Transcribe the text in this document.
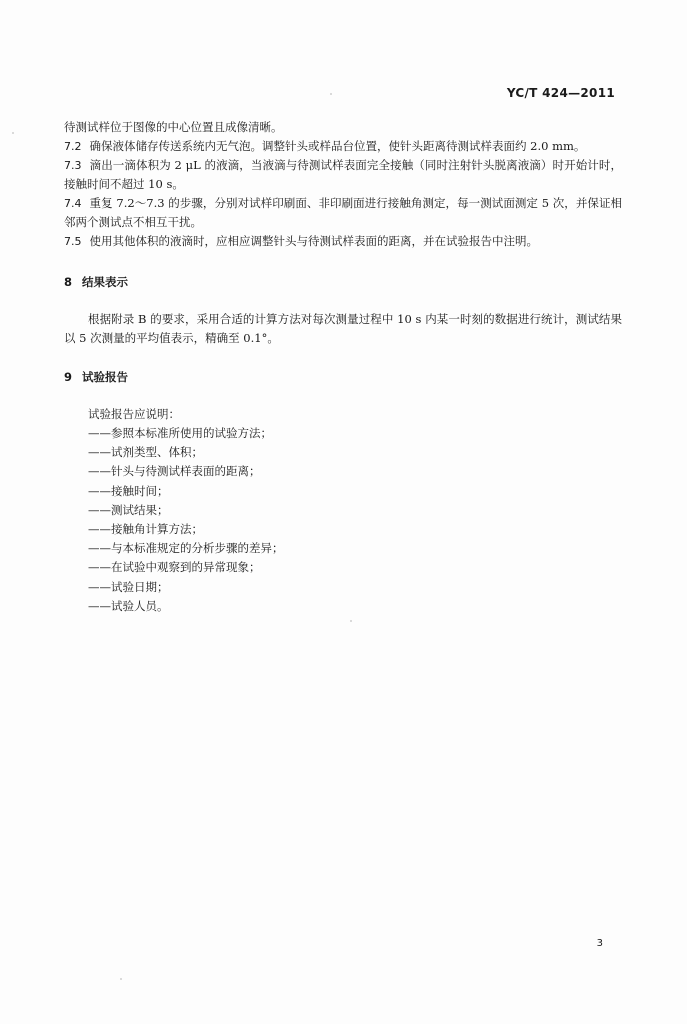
YC/T 424—2011

待测试样位于图像的中心位置且成像清晰。

7.2 确保液体储存传送系统内无气泡。调整针头或样品台位置，使针头距离待测试样表面约 2.0 mm。

7.3 滴出一滴体积为 2 μL 的液滴，当液滴与待测试样表面完全接触（同时注射针头脱离液滴）时开始计时，接触时间不超过 10 s。

7.4 重复 7.2～7.3 的步骤，分别对试样印刷面、非印刷面进行接触角测定，每一测试面测定 5 次，并保证相邻两个测试点不相互干扰。

7.5 使用其他体积的液滴时，应相应调整针头与待测试样表面的距离，并在试验报告中注明。

8 结果表示

根据附录 B 的要求，采用合适的计算方法对每次测量过程中 10 s 内某一时刻的数据进行统计，测试结果以 5 次测量的平均值表示，精确至 0.1°。

9 试验报告

试验报告应说明：

——参照本标准所使用的试验方法；
——试剂类型、体积；
——针头与待测试样表面的距离；
——接触时间；
——测试结果；
——接触角计算方法；
——与本标准规定的分析步骤的差异；
——在试验中观察到的异常现象；
——试验日期；
——试验人员。
3
